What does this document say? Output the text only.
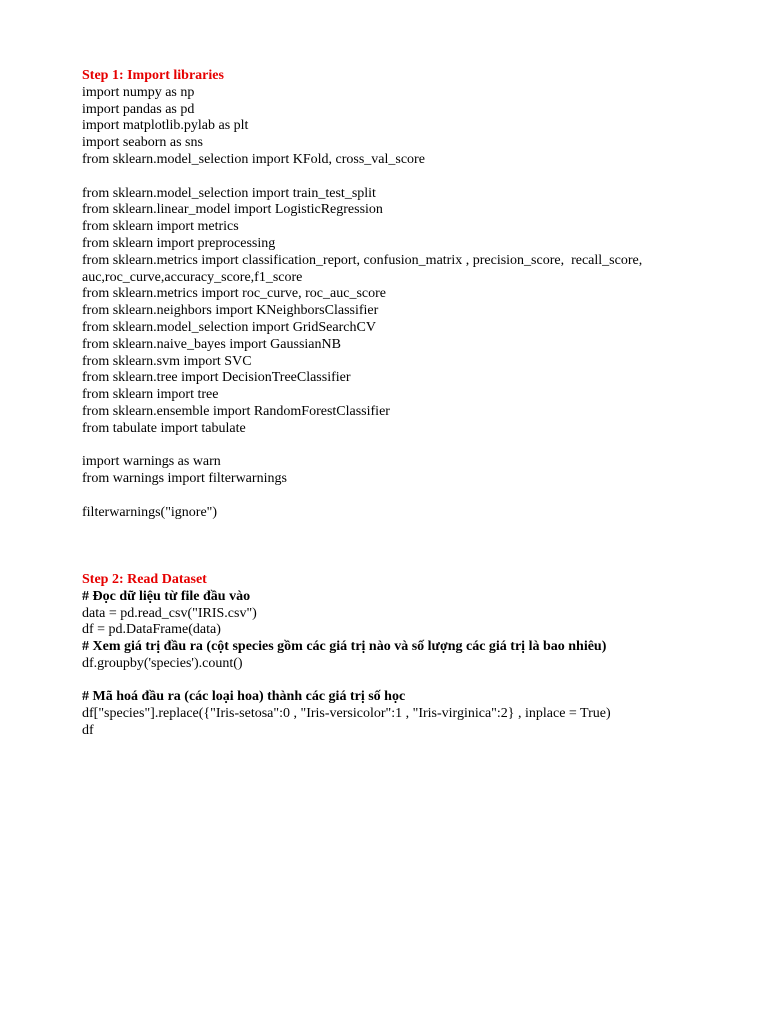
Step 1: Import libraries
import numpy as np
import pandas as pd
import matplotlib.pylab as plt
import seaborn as sns
from sklearn.model_selection import KFold, cross_val_score
from sklearn.model_selection import train_test_split
from sklearn.linear_model import LogisticRegression
from sklearn import metrics
from sklearn import preprocessing
from sklearn.metrics import classification_report, confusion_matrix , precision_score,  recall_score,
auc,roc_curve,accuracy_score,f1_score
from sklearn.metrics import roc_curve, roc_auc_score
from sklearn.neighbors import KNeighborsClassifier
from sklearn.model_selection import GridSearchCV
from sklearn.naive_bayes import GaussianNB
from sklearn.svm import SVC
from sklearn.tree import DecisionTreeClassifier
from sklearn import tree
from sklearn.ensemble import RandomForestClassifier
from tabulate import tabulate
import warnings as warn
from warnings import filterwarnings
filterwarnings("ignore")
Step 2: Read Dataset
# Đọc dữ liệu từ file đầu vào
data = pd.read_csv("IRIS.csv")
df = pd.DataFrame(data)
# Xem giá trị đầu ra (cột species gồm các giá trị nào và số lượng các giá trị là bao nhiêu)
df.groupby('species').count()
# Mã hoá đầu ra (các loại hoa) thành các giá trị số học
df["species"].replace({"Iris-setosa":0 , "Iris-versicolor":1 , "Iris-virginica":2} , inplace = True)
df
